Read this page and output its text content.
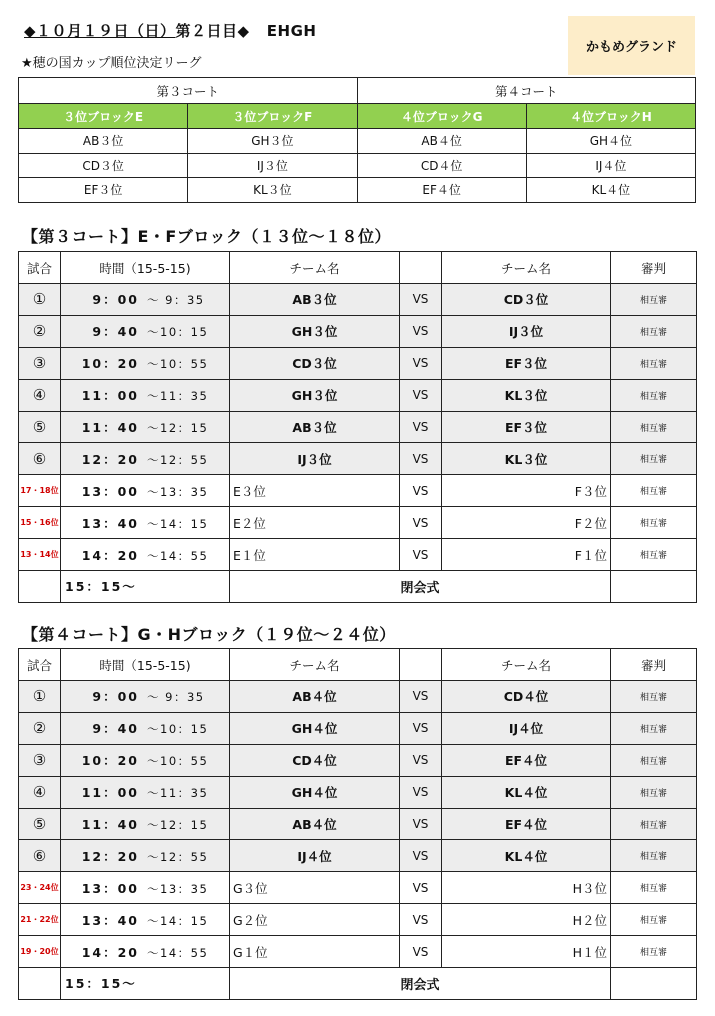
◆１０月１９日（日）第２日目◆ EHGH
かもめグランド
★穂の国カップ順位決定リーグ
第３コート		第４コート	
３位ブロックE	３位ブロックF	４位ブロックG	４位ブロックH
AB３位	GH３位	AB４位	GH４位
CD３位	IJ３位	CD４位	IJ４位
EF３位	KL３位	EF４位	KL４位
【第３コート】E・Fブロック（１３位～１８位）
試合	時間（15-5-15)	チーム名		チーム名	審判
①	9：00 ～ 9：35	AB３位	VS	CD３位	相互審
②	9：40 ～10：15	GH３位	VS	IJ３位	相互審
③	10：20 ～10：55	CD３位	VS	EF３位	相互審
④	11：00 ～11：35	GH３位	VS	KL３位	相互審
⑤	11：40 ～12：15	AB３位	VS	EF３位	相互審
⑥	12：20 ～12：55	IJ３位	VS	KL３位	相互審
17・18位	13：00 ～13：35	E３位	VS	F３位	相互審
15・16位	13：40 ～14：15	E２位	VS	F２位	相互審
13・14位	14：20 ～14：55	E１位	VS	F１位	相互審
	15：15～	閉会式			
【第４コート】G・Hブロック（１９位～２４位）
試合	時間（15-5-15)	チーム名		チーム名	審判
①	9：00 ～ 9：35	AB４位	VS	CD４位	相互審
②	9：40 ～10：15	GH４位	VS	IJ４位	相互審
③	10：20 ～10：55	CD４位	VS	EF４位	相互審
④	11：00 ～11：35	GH４位	VS	KL４位	相互審
⑤	11：40 ～12：15	AB４位	VS	EF４位	相互審
⑥	12：20 ～12：55	IJ４位	VS	KL４位	相互審
23・24位	13：00 ～13：35	G３位	VS	H３位	相互審
21・22位	13：40 ～14：15	G２位	VS	H２位	相互審
19・20位	14：20 ～14：55	G１位	VS	H１位	相互審
	15：15～	閉会式			
